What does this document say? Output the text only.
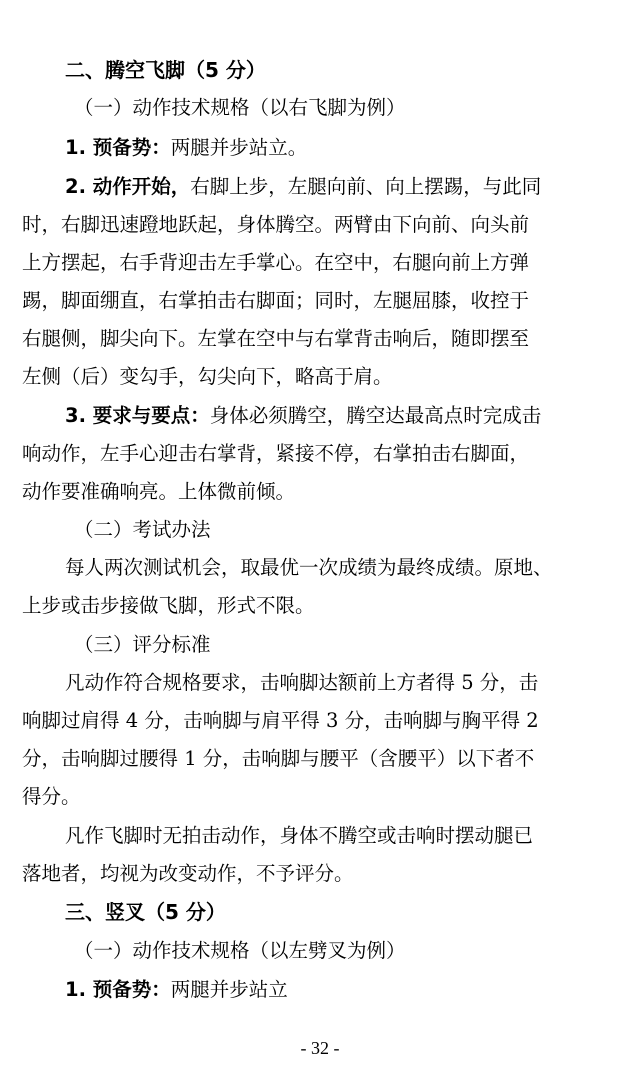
二、腾空飞脚（5 分）
（一）动作技术规格（以右飞脚为例）
1. 预备势：两腿并步站立。
2. 动作开始，右脚上步，左腿向前、向上摆踢，与此同
时，右脚迅速蹬地跃起，身体腾空。两臂由下向前、向头前
上方摆起，右手背迎击左手掌心。在空中，右腿向前上方弹
踢，脚面绷直，右掌拍击右脚面；同时，左腿屈膝，收控于
右腿侧，脚尖向下。左掌在空中与右掌背击响后，随即摆至
左侧（后）变勾手，勾尖向下，略高于肩。
3. 要求与要点：身体必须腾空，腾空达最高点时完成击
响动作，左手心迎击右掌背，紧接不停，右掌拍击右脚面，
动作要准确响亮。上体微前倾。
（二）考试办法
每人两次测试机会，取最优一次成绩为最终成绩。原地、
上步或击步接做飞脚，形式不限。
（三）评分标准
凡动作符合规格要求，击响脚达额前上方者得 5 分，击
响脚过肩得 4 分，击响脚与肩平得 3 分，击响脚与胸平得 2
分，击响脚过腰得 1 分，击响脚与腰平（含腰平）以下者不
得分。
凡作飞脚时无拍击动作，身体不腾空或击响时摆动腿已
落地者，均视为改变动作，不予评分。
三、竖叉（5 分）
（一）动作技术规格（以左劈叉为例）
1. 预备势：两腿并步站立
- 32 -
